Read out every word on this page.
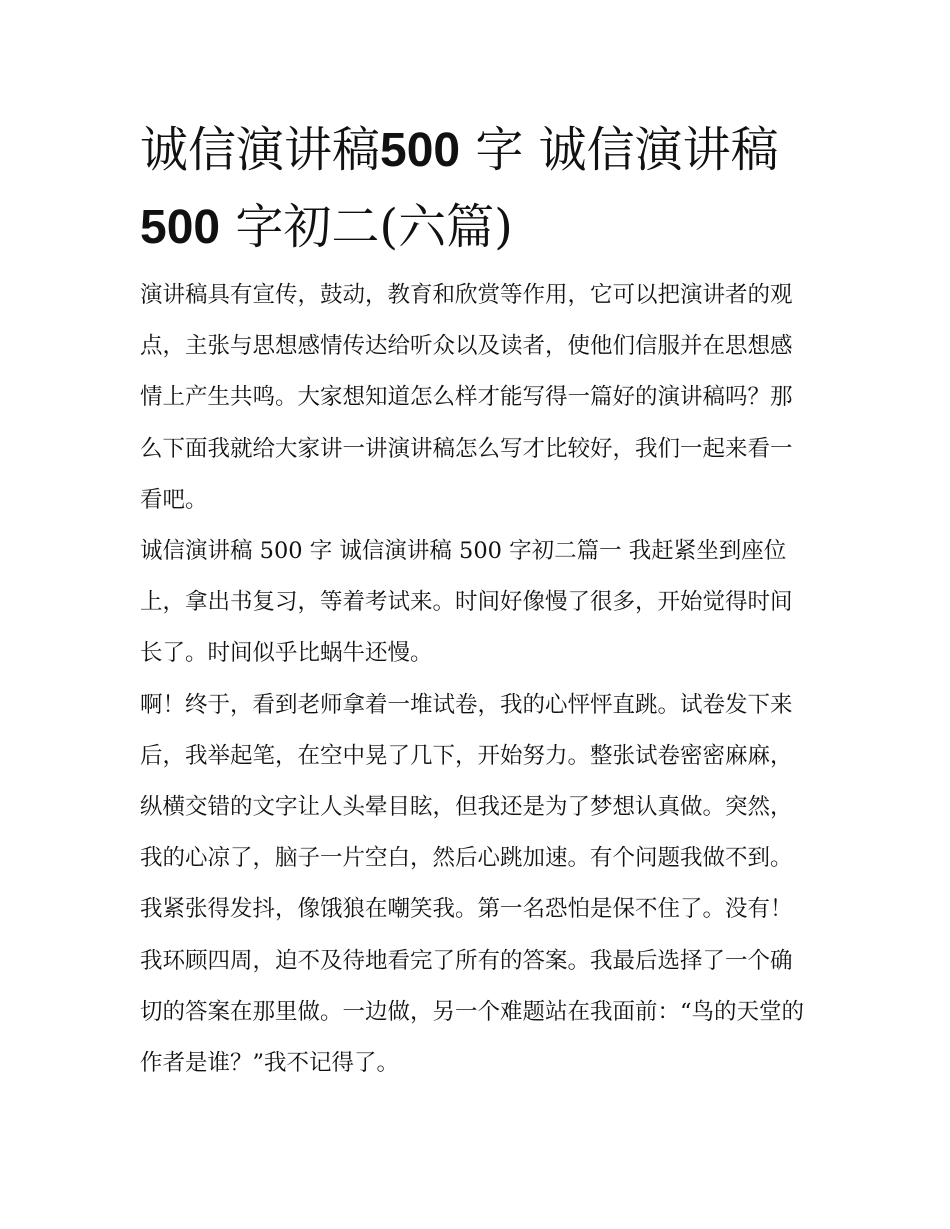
诚信演讲稿500 字 诚信演讲稿
500 字初二(六篇)

演讲稿具有宣传，鼓动，教育和欣赏等作用，它可以把演讲者的观点，主张与思想感情传达给听众以及读者，使他们信服并在思想感情上产生共鸣。大家想知道怎么样才能写得一篇好的演讲稿吗？那么下面我就给大家讲一讲演讲稿怎么写才比较好，我们一起来看一看吧。

诚信演讲稿 500 字 诚信演讲稿 500 字初二篇一 我赶紧坐到座位上，拿出书复习，等着考试来。时间好像慢了很多，开始觉得时间长了。时间似乎比蜗牛还慢。

啊！终于，看到老师拿着一堆试卷，我的心怦怦直跳。试卷发下来后，我举起笔，在空中晃了几下，开始努力。整张试卷密密麻麻，纵横交错的文字让人头晕目眩，但我还是为了梦想认真做。突然，我的心凉了，脑子一片空白，然后心跳加速。有个问题我做不到。我紧张得发抖，像饿狼在嘲笑我。第一名恐怕是保不住了。没有！我环顾四周，迫不及待地看完了所有的答案。我最后选择了一个确切的答案在那里做。一边做，另一个难题站在我面前：“鸟的天堂的作者是谁？”我不记得了。
